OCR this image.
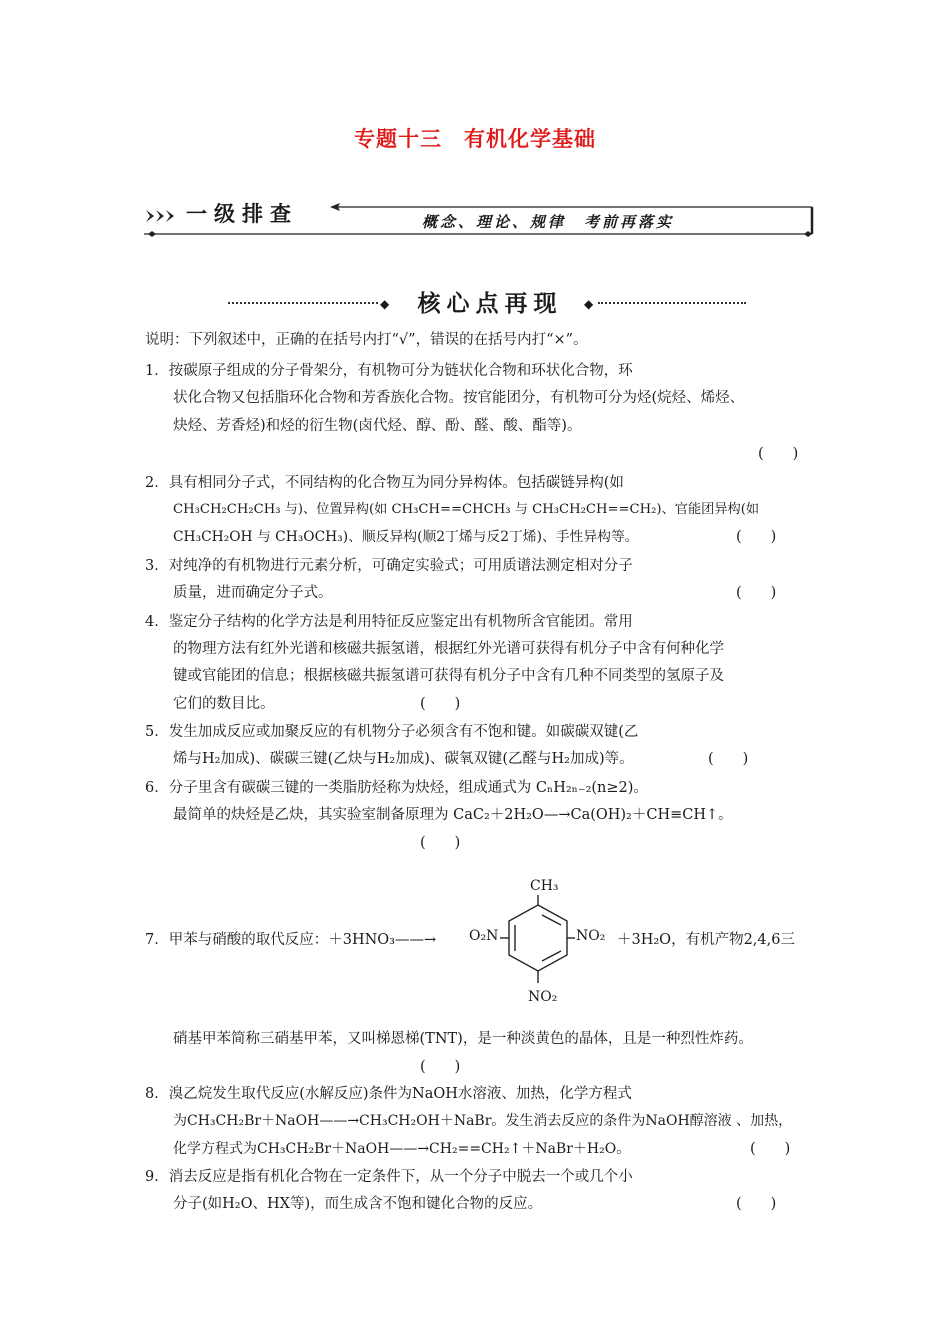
专题十三　有机化学基础
一级排查	概念、理论、规律　考前再落实
◆	核心点再现	◆
说明：下列叙述中，正确的在括号内打“√”，错误的在括号内打“×”。
1．按碳原子组成的分子骨架分，有机物可分为链状化合物和环状化合物，环
状化合物又包括脂环化合物和芳香族化合物。按官能团分，有机物可分为烃(烷烃、烯烃、
炔烃、芳香烃)和烃的衍生物(卤代烃、醇、酚、醛、酸、酯等)。
(　　)
2．具有相同分子式，不同结构的化合物互为同分异构体。包括碳链异构(如
CH₃CH₂CH₂CH₃ 与)、位置异构(如 CH₃CH==CHCH₃ 与 CH₃CH₂CH==CH₂)、官能团异构(如
CH₃CH₂OH 与 CH₃OCH₃)、顺反异构(顺2丁烯与反2丁烯)、手性异构等。	(　　)
3．对纯净的有机物进行元素分析，可确定实验式；可用质谱法测定相对分子
质量，进而确定分子式。	(　　)
4．鉴定分子结构的化学方法是利用特征反应鉴定出有机物所含官能团。常用
的物理方法有红外光谱和核磁共振氢谱，根据红外光谱可获得有机分子中含有何种化学
键或官能团的信息；根据核磁共振氢谱可获得有机分子中含有几种不同类型的氢原子及
它们的数目比。	(　　)
5．发生加成反应或加聚反应的有机物分子必须含有不饱和键。如碳碳双键(乙
烯与H₂加成)、碳碳三键(乙炔与H₂加成)、碳氧双键(乙醛与H₂加成)等。	(　　)
6．分子里含有碳碳三键的一类脂肪烃称为炔烃，组成通式为 CₙH₂ₙ₋₂(n≥2)。
最简单的炔烃是乙炔，其实验室制备原理为 CaC₂＋2H₂O—→Ca(OH)₂＋CH≡CH↑。
(　　)
7．甲苯与硝酸的取代反应：＋3HNO₃——→
CH₃
O₂N	NO₂
NO₂
＋3H₂O，有机产物2,4,6三
硝基甲苯简称三硝基甲苯，又叫梯恩梯(TNT)，是一种淡黄色的晶体，且是一种烈性炸药。
(　　)
8．溴乙烷发生取代反应(水解反应)条件为NaOH水溶液、加热，化学方程式
为CH₃CH₂Br＋NaOH——→CH₃CH₂OH＋NaBr。发生消去反应的条件为NaOH醇溶液 、加热，
化学方程式为CH₃CH₂Br＋NaOH——→CH₂==CH₂↑＋NaBr＋H₂O。	(　　)
9．消去反应是指有机化合物在一定条件下，从一个分子中脱去一个或几个小
分子(如H₂O、HX等)，而生成含不饱和键化合物的反应。	(　　)
